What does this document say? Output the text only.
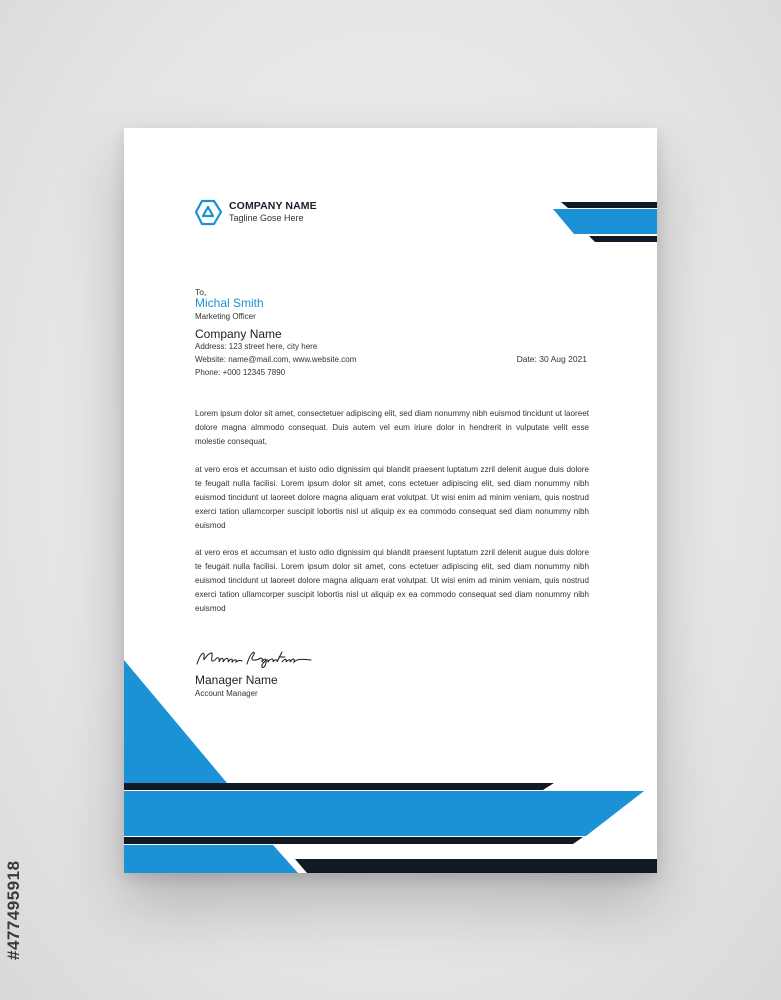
#477495918
COMPANY NAME
Tagline Gose Here
To,
Michal Smith
Marketing Officer
Company Name
Address: 123 street here, city here
Website: name@mail.com, www.website.com
Phone: +000 12345 7890
Date: 30 Aug 2021

Lorem ipsum dolor sit amet, consectetuer adipiscing elit, sed diam nonummy nibh euismod tincidunt ut laoreet dolore magna almmodo consequat. Duis autem vel eum iriure dolor in hendrerit in vulputate velit esse molestie consequat,

at vero eros et accumsan et iusto odio dignissim qui blandit praesent luptatum zzril delenit augue duis dolore te feugait nulla facilisi. Lorem ipsum dolor sit amet, cons ectetuer adipiscing elit, sed diam nonummy nibh euismod tincidunt ut laoreet dolore magna aliquam erat volutpat. Ut wisi enim ad minim veniam, quis nostrud exerci tation ullamcorper suscipit lobortis nisl ut aliquip ex ea commodo consequat sed diam nonummy nibh euismod

at vero eros et accumsan et iusto odio dignissim qui blandit praesent luptatum zzril delenit augue duis dolore te feugait nulla facilisi. Lorem ipsum dolor sit amet, cons ectetuer adipiscing elit, sed diam nonummy nibh euismod tincidunt ut laoreet dolore magna aliquam erat volutpat. Ut wisi enim ad minim veniam, quis nostrud exerci tation ullamcorper suscipit lobortis nisl ut aliquip ex ea commodo consequat sed diam nonummy nibh euismod

Manager Name
Account Manager
